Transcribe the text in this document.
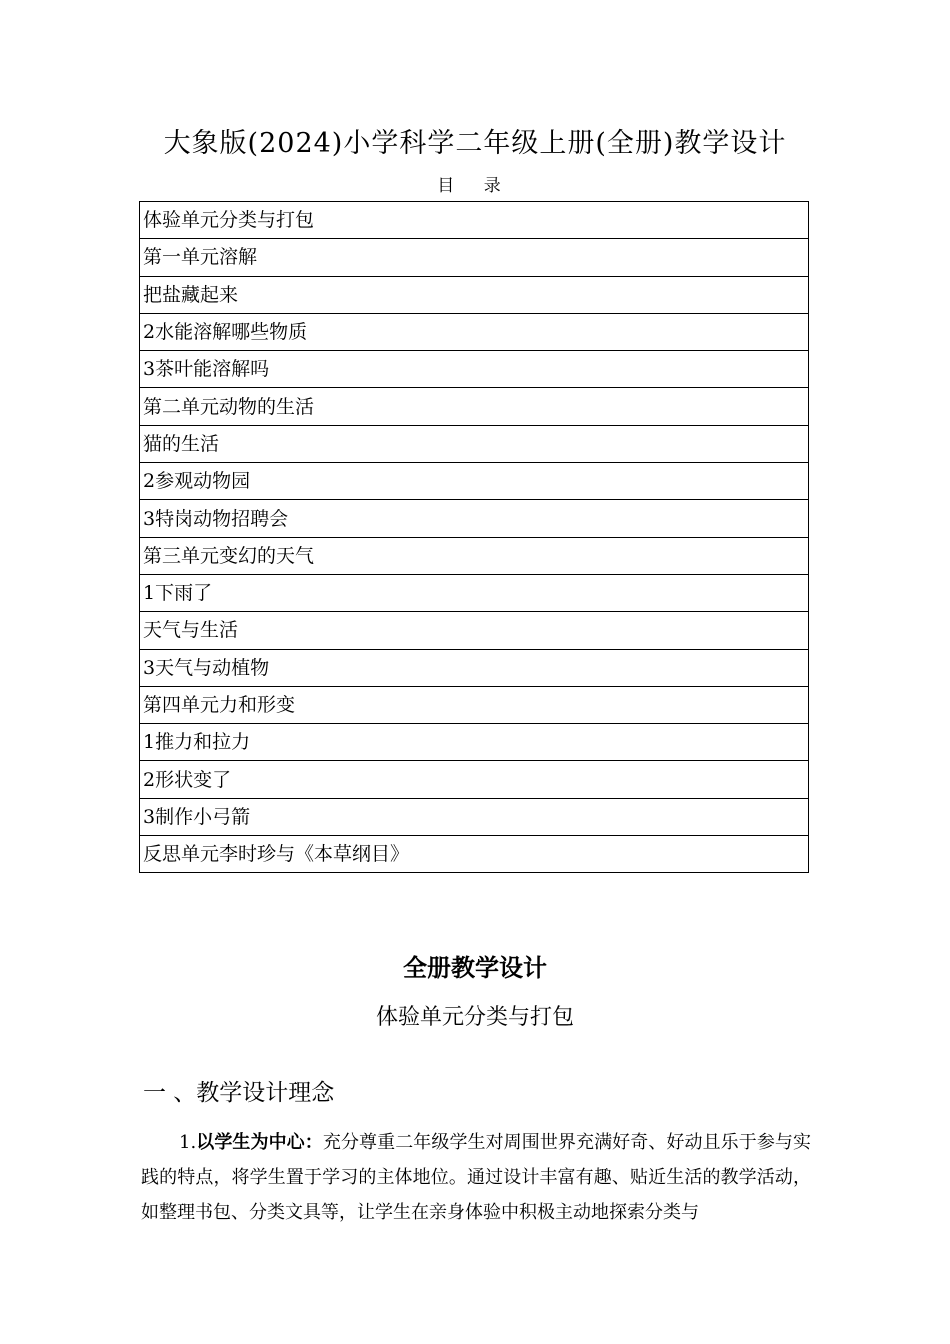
大象版(2024)小学科学二年级上册(全册)教学设计
目 录
体验单元分类与打包
第一单元溶解
把盐藏起来
2水能溶解哪些物质
3茶叶能溶解吗
第二单元动物的生活
猫的生活
2参观动物园
3特岗动物招聘会
第三单元变幻的天气
1下雨了
天气与生活
3天气与动植物
第四单元力和形变
1推力和拉力
2形状变了
3制作小弓箭
反思单元李时珍与《本草纲目》
全册教学设计
体验单元分类与打包
一 、教学设计理念
1.以学生为中心：充分尊重二年级学生对周围世界充满好奇、好动且乐于参与实践的特点，将学生置于学习的主体地位。通过设计丰富有趣、贴近生活的教学活动，如整理书包、分类文具等，让学生在亲身体验中积极主动地探索分类与
